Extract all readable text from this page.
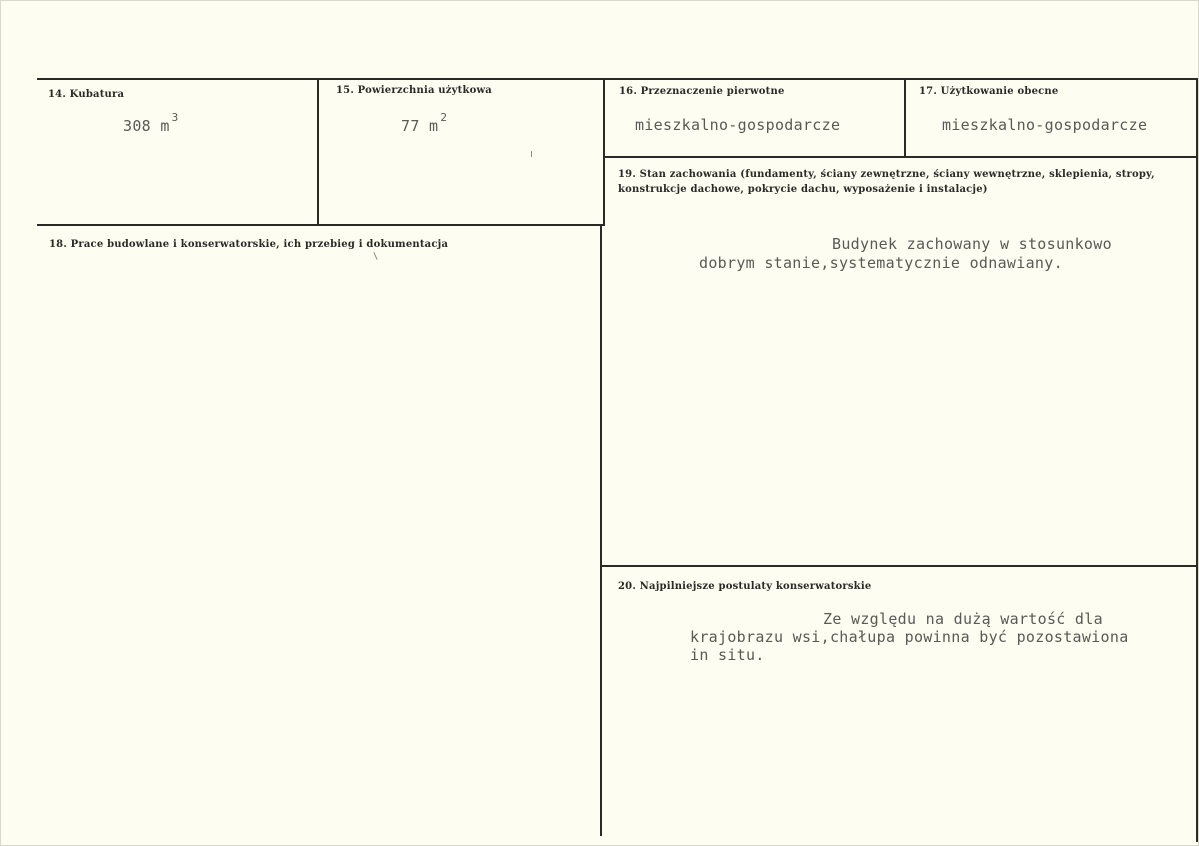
14. Kubatura
308 m $^3$
15. Powierzchnia użytkowa
77 m $^2$
16. Przeznaczenie pierwotne
mieszkalno-gospodarcze
17. Użytkowanie obecne
mieszkalno-gospodarcze
18. Prace budowlane i konserwatorskie, ich przebieg i dokumentacja
19. Stan zachowania (fundamenty, ściany zewnętrzne, ściany wewnętrzne, sklepienia, stropy, konstrukcje dachowe, pokrycie dachu, wyposażenie i instalacje)
Budynek zachowany w stosunkowo
dobrym stanie,systematycznie odnawiany.
20. Najpilniejsze postulaty konserwatorskie
Ze względu na dużą wartość dla
krajobrazu wsi,chałupa powinna być pozostawiona
in situ.
